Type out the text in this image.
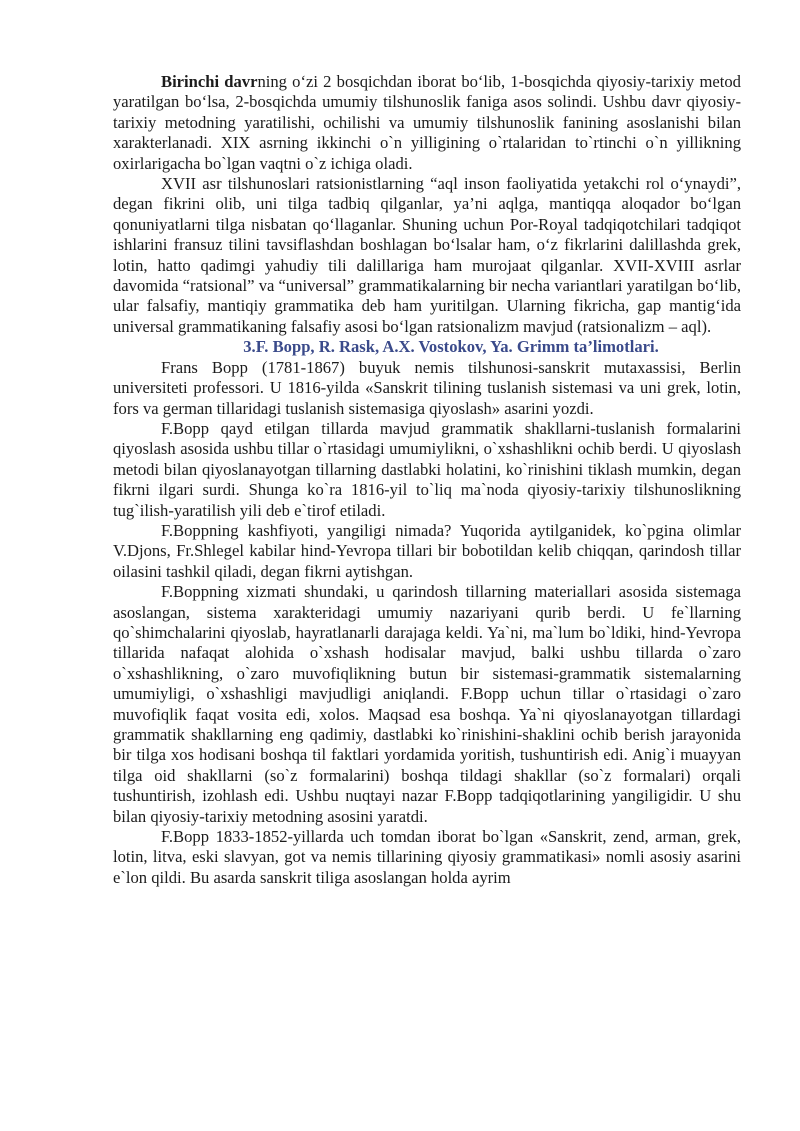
Birinchi davrning o‘zi 2 bosqichdan iborat bo‘lib, 1-bosqichda qiyosiy-tarixiy metod yaratilgan bo‘lsa, 2-bosqichda umumiy tilshunoslik faniga asos solindi. Ushbu davr qiyosiy-tarixiy metodning yaratilishi, ochilishi va umumiy tilshunoslik fanining asoslanishi bilan xarakterlanadi. XIX asrning ikkinchi o`n yilligining o`rtalaridan to`rtinchi o`n yillikning oxirlarigacha bo`lgan vaqtni o`z ichiga oladi.

XVII asr tilshunoslari ratsionistlarning “aql inson faoliyatida yetakchi rol o‘ynaydi”, degan fikrini olib, uni tilga tadbiq qilganlar, ya’ni aqlga, mantiqqa aloqador bo‘lgan qonuniyatlarni tilga nisbatan qo‘llaganlar. Shuning uchun Por-Royal tadqiqotchilari tadqiqot ishlarini fransuz tilini tavsiflashdan boshlagan bo‘lsalar ham, o‘z fikrlarini dalillashda grek, lotin, hatto qadimgi yahudiy tili dalillariga ham murojaat qilganlar. XVII-XVIII asrlar davomida “ratsional” va “universal” grammatikalarning bir necha variantlari yaratilgan bo‘lib, ular falsafiy, mantiqiy grammatika deb ham yuritilgan. Ularning fikricha, gap mantig‘ida universal grammatikaning falsafiy asosi bo‘lgan ratsionalizm mavjud (ratsionalizm – aql).

3.F. Bopp, R. Rask, A.X. Vostokov, Ya. Grimm ta’limotlari.

Frans Bopp (1781-1867) buyuk nemis tilshunosi-sanskrit mutaxassisi, Berlin universiteti professori. U 1816-yilda «Sanskrit tilining tuslanish sistemasi va uni grek, lotin, fors va german tillaridagi tuslanish sistemasiga qiyoslash» asarini yozdi.

F.Bopp qayd etilgan tillarda mavjud grammatik shakllarni-tuslanish formalarini qiyoslash asosida ushbu tillar o`rtasidagi umumiylikni, o`xshashlikni ochib berdi. U qiyoslash metodi bilan qiyoslanayotgan tillarning dastlabki holatini, ko`rinishini tiklash mumkin, degan fikrni ilgari surdi. Shunga ko`ra 1816-yil to`liq ma`noda qiyosiy-tarixiy tilshunoslikning tug`ilish-yaratilish yili deb e`tirof etiladi.

F.Boppning kashfiyoti, yangiligi nimada? Yuqorida aytilganidek, ko`pgina olimlar V.Djons, Fr.Shlegel kabilar hind-Yevropa tillari bir bobotildan kelib chiqqan, qarindosh tillar oilasini tashkil qiladi, degan fikrni aytishgan.

F.Boppning xizmati shundaki, u qarindosh tillarning materiallari asosida sistemaga asoslangan, sistema xarakteridagi umumiy nazariyani qurib berdi. U fe`llarning qo`shimchalarini qiyoslab, hayratlanarli darajaga keldi. Ya`ni, ma`lum bo`ldiki, hind-Yevropa tillarida nafaqat alohida o`xshash hodisalar mavjud, balki ushbu tillarda o`zaro o`xshashlikning, o`zaro muvofiqlikning butun bir sistemasi-grammatik sistemalarning umumiyligi, o`xshashligi mavjudligi aniqlandi. F.Bopp uchun tillar o`rtasidagi o`zaro muvofiqlik faqat vosita edi, xolos. Maqsad esa boshqa. Ya`ni qiyoslanayotgan tillardagi grammatik shakllarning eng qadimiy, dastlabki ko`rinishini-shaklini ochib berish jarayonida bir tilga xos hodisani boshqa til faktlari yordamida yoritish, tushuntirish edi. Anig`i muayyan tilga oid shakllarni (so`z formalarini) boshqa tildagi shakllar (so`z formalari) orqali tushuntirish, izohlash edi. Ushbu nuqtayi nazar F.Bopp tadqiqotlarining yangiligidir. U shu bilan qiyosiy-tarixiy metodning asosini yaratdi.

F.Bopp 1833-1852-yillarda uch tomdan iborat bo`lgan «Sanskrit, zend, arman, grek, lotin, litva, eski slavyan, got va nemis tillarining qiyosiy grammatikasi» nomli asosiy asarini e`lon qildi. Bu asarda sanskrit tiliga asoslangan holda ayrim
